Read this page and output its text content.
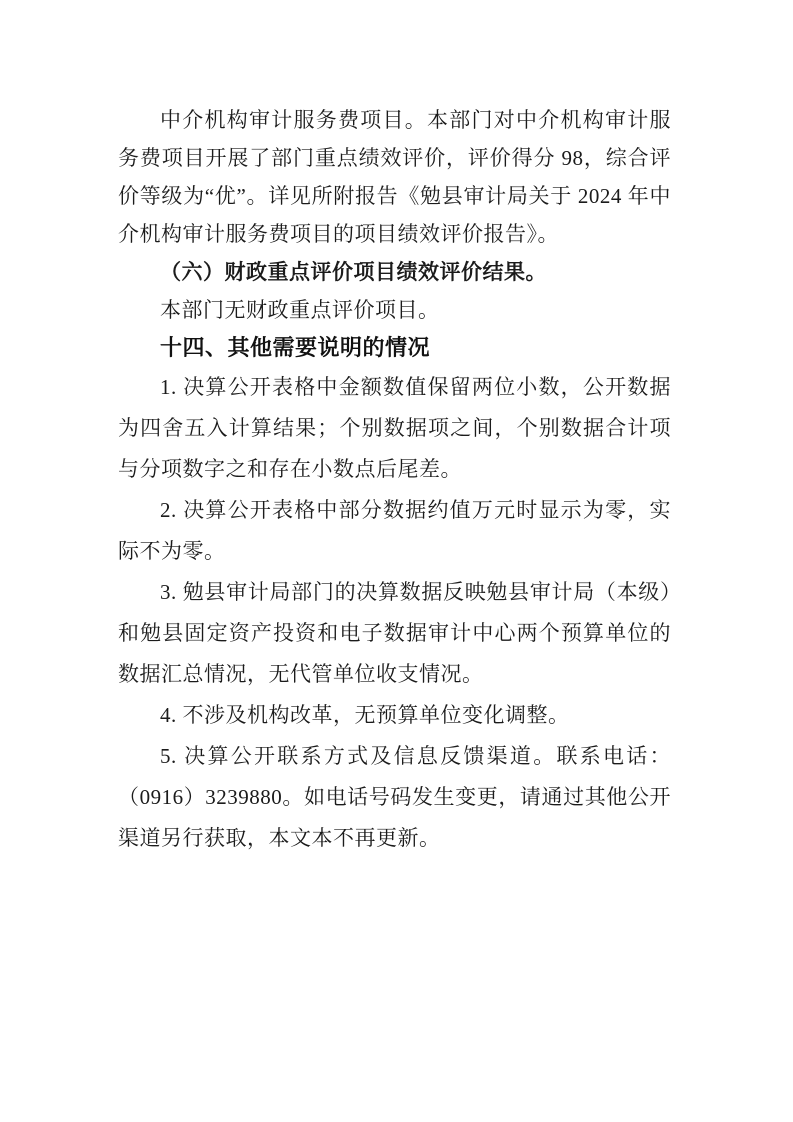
中介机构审计服务费项目。本部门对中介机构审计服务费项目开展了部门重点绩效评价，评价得分 98，综合评价等级为“优”。详见所附报告《勉县审计局关于 2024 年中介机构审计服务费项目的项目绩效评价报告》。

（六）财政重点评价项目绩效评价结果。

本部门无财政重点评价项目。

十四、其他需要说明的情况

1. 决算公开表格中金额数值保留两位小数，公开数据为四舍五入计算结果；个别数据项之间，个别数据合计项与分项数字之和存在小数点后尾差。

2. 决算公开表格中部分数据约值万元时显示为零，实际不为零。

3. 勉县审计局部门的决算数据反映勉县审计局（本级）和勉县固定资产投资和电子数据审计中心两个预算单位的数据汇总情况，无代管单位收支情况。

4. 不涉及机构改革，无预算单位变化调整。

5. 决算公开联系方式及信息反馈渠道。联系电话：（0916）3239880。如电话号码发生变更，请通过其他公开渠道另行获取，本文本不再更新。
